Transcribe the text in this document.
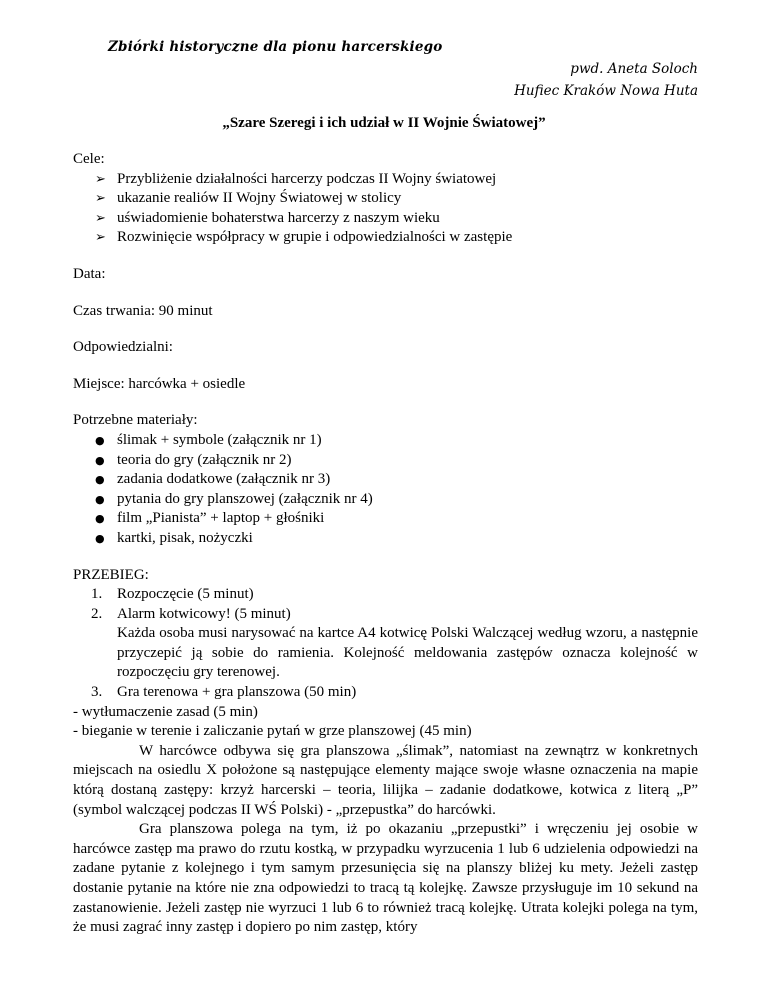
Zbiórki historyczne dla pionu harcerskiego
pwd. Aneta Soloch
Hufiec Kraków Nowa Huta
„Szare Szeregi i ich udział w II Wojnie Światowej”

Cele:

➢ Przybliżenie działalności harcerzy podczas II Wojny światowej
➢ ukazanie realiów II Wojny Światowej w stolicy
➢ uświadomienie bohaterstwa harcerzy z naszym wieku
➢ Rozwinięcie współpracy w grupie i odpowiedzialności w zastępie

Data:

Czas trwania: 90 minut

Odpowiedzialni:

Miejsce: harcówka + osiedle

Potrzebne materiały:

● ślimak + symbole (załącznik nr 1)
● teoria do gry (załącznik nr 2)
● zadania dodatkowe (załącznik nr 3)
● pytania do gry planszowej (załącznik nr 4)
● film „Pianista” + laptop + głośniki
● kartki, pisak, nożyczki

PRZEBIEG:

1. Rozpoczęcie (5 minut)
2. Alarm kotwicowy! (5 minut)

Każda osoba musi narysować na kartce A4 kotwicę Polski Walczącej według wzoru, a następnie przyczepić ją sobie do ramienia. Kolejność meldowania zastępów oznacza kolejność w rozpoczęciu gry terenowej.

3. Gra terenowa + gra planszowa (50 min)

- wytłumaczenie zasad (5 min)

- bieganie w terenie i zaliczanie pytań w grze planszowej (45 min)

W harcówce odbywa się gra planszowa „ślimak”, natomiast na zewnątrz w konkretnych miejscach na osiedlu X położone są następujące elementy mające swoje własne oznaczenia na mapie którą dostaną zastępy: krzyż harcerski – teoria, lilijka – zadanie dodatkowe, kotwica z literą „P” (symbol walczącej podczas II WŚ Polski) - „przepustka” do harcówki.

Gra planszowa polega na tym, iż po okazaniu „przepustki” i wręczeniu jej osobie w harcówce zastęp ma prawo do rzutu kostką, w przypadku wyrzucenia 1 lub 6 udzielenia odpowiedzi na zadane pytanie z kolejnego i tym samym przesunięcia się na planszy bliżej ku mety. Jeżeli zastęp dostanie pytanie na które nie zna odpowiedzi to tracą tą kolejkę. Zawsze przysługuje im 10 sekund na zastanowienie. Jeżeli zastęp nie wyrzuci 1 lub 6 to również tracą kolejkę. Utrata kolejki polega na tym, że musi zagrać inny zastęp i dopiero po nim zastęp, który
